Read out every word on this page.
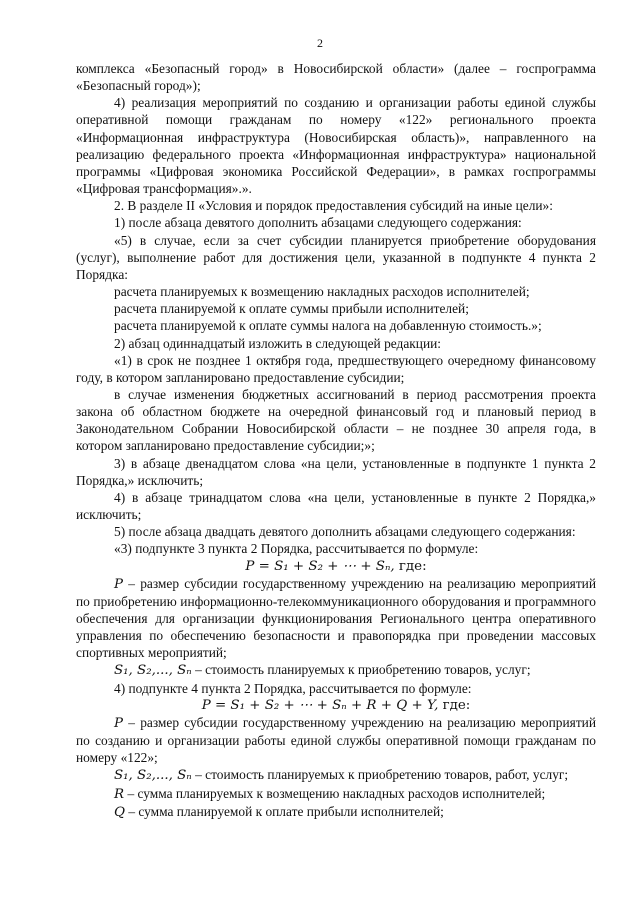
2

комплекса «Безопасный город» в Новосибирской области» (далее – госпрограмма «Безопасный город»);

4) реализация мероприятий по созданию и организации работы единой службы оперативной помощи гражданам по номеру «122» регионального проекта «Информационная инфраструктура (Новосибирская область)», направленного на реализацию федерального проекта «Информационная инфраструктура» национальной программы «Цифровая экономика Российской Федерации», в рамках госпрограммы «Цифровая трансформация».».

2. В разделе II «Условия и порядок предоставления субсидий на иные цели»:

1) после абзаца девятого дополнить абзацами следующего содержания:

«5) в случае, если за счет субсидии планируется приобретение оборудования (услуг), выполнение работ для достижения цели, указанной в подпункте 4 пункта 2 Порядка:

расчета планируемых к возмещению накладных расходов исполнителей;

расчета планируемой к оплате суммы прибыли исполнителей;

расчета планируемой к оплате суммы налога на добавленную стоимость.»;

2) абзац одиннадцатый изложить в следующей редакции:

«1) в срок не позднее 1 октября года, предшествующего очередному финансовому году, в котором запланировано предоставление субсидии;

в случае изменения бюджетных ассигнований в период рассмотрения проекта закона об областном бюджете на очередной финансовый год и плановый период в Законодательном Собрании Новосибирской области – не позднее 30 апреля года, в котором запланировано предоставление субсидии;»;

3) в абзаце двенадцатом слова «на цели, установленные в подпункте 1 пункта 2 Порядка,» исключить;

4) в абзаце тринадцатом слова «на цели, установленные в пункте 2 Порядка,» исключить;

5) после абзаца двадцать девятого дополнить абзацами следующего содержания:

«3) подпункте 3 пункта 2 Порядка, рассчитывается по формуле:

P = S₁ + S₂ + ⋯ + Sₙ, где:

P – размер субсидии государственному учреждению на реализацию мероприятий по приобретению информационно-телекоммуникационного оборудования и программного обеспечения для организации функционирования Регионального центра оперативного управления по обеспечению безопасности и правопорядка при проведении массовых спортивных мероприятий;

S₁, S₂,..., Sₙ – стоимость планируемых к приобретению товаров, услуг;

4) подпункте 4 пункта 2 Порядка, рассчитывается по формуле:

P = S₁ + S₂ + ⋯ + Sₙ + R + Q + Y, где:

P – размер субсидии государственному учреждению на реализацию мероприятий по созданию и организации работы единой службы оперативной помощи гражданам по номеру «122»;

S₁, S₂,..., Sₙ – стоимость планируемых к приобретению товаров, работ, услуг;

R – сумма планируемых к возмещению накладных расходов исполнителей;

Q – сумма планируемой к оплате прибыли исполнителей;
